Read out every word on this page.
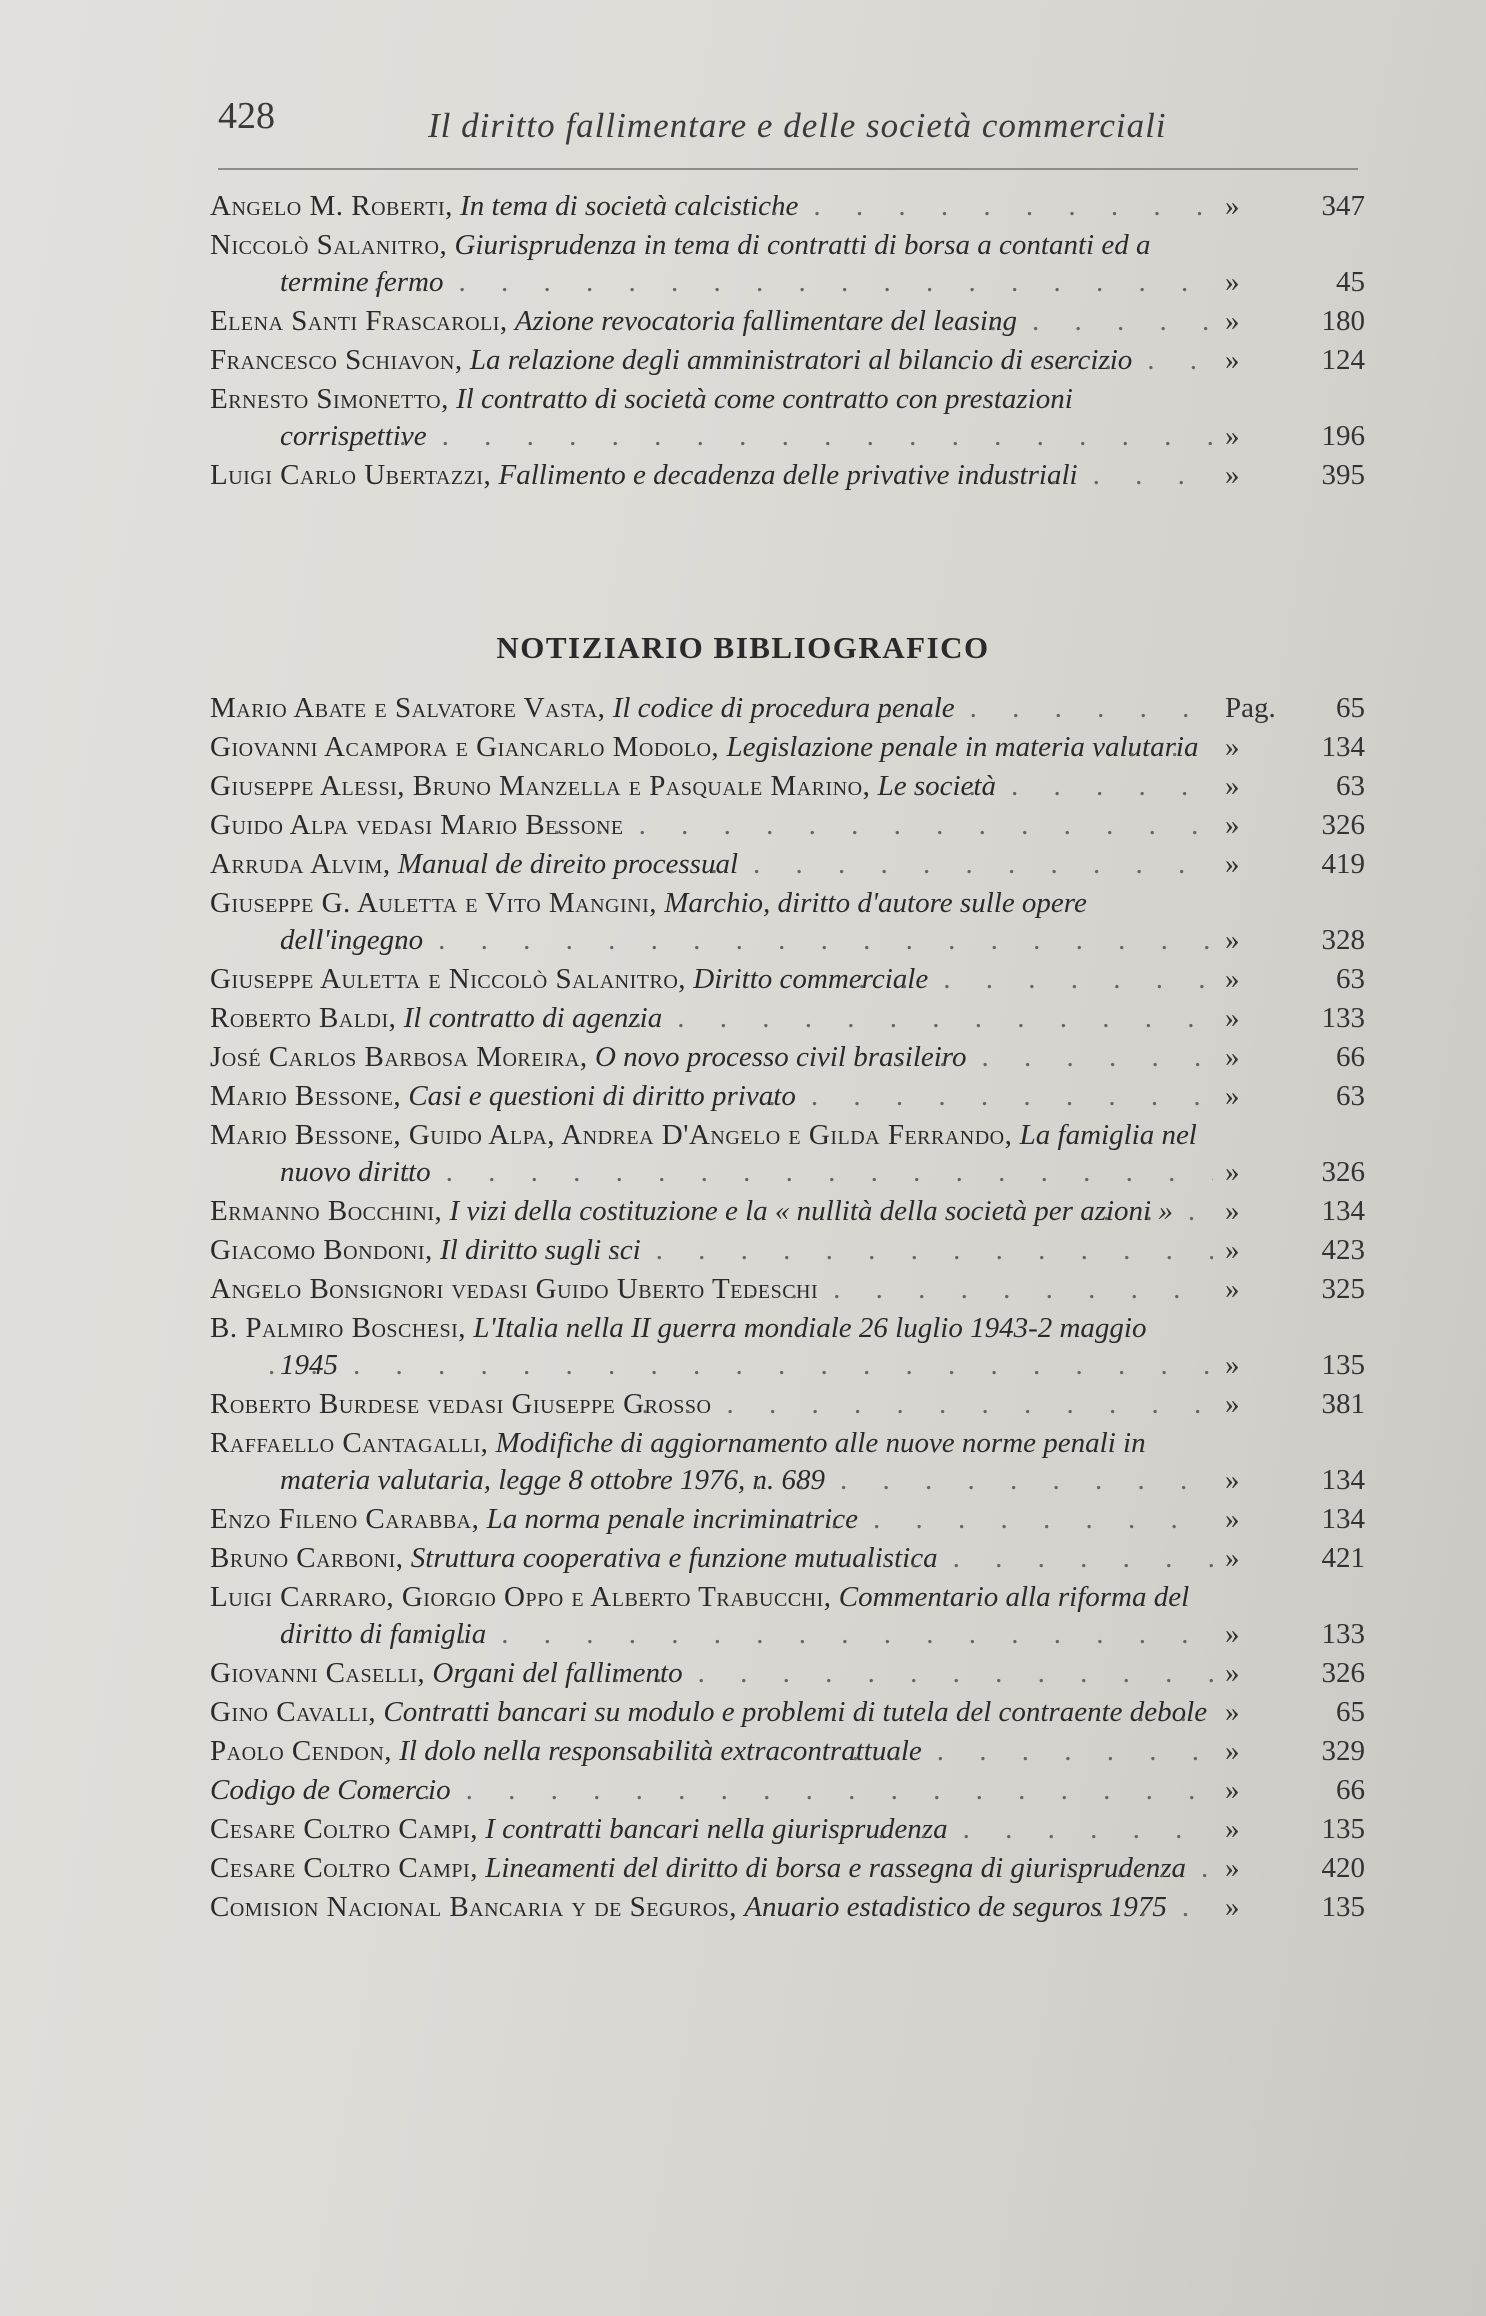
428	Il diritto fallimentare e delle società commerciali
Angelo M. Roberti, In tema di società calcistiche . . .	»	347
Niccolò Salanitro, Giurisprudenza in tema di contratti di borsa a contanti ed a termine fermo . . .	»	45
Elena Santi Frascaroli, Azione revocatoria fallimentare del leasing . . .	»	180
Francesco Schiavon, La relazione degli amministratori al bilancio di esercizio . . .	»	124
Ernesto Simonetto, Il contratto di società come contratto con prestazioni corrispettive . . .	»	196
Luigi Carlo Ubertazzi, Fallimento e decadenza delle privative industriali . . .	»	395
NOTIZIARIO BIBLIOGRAFICO
Mario Abate e Salvatore Vasta, Il codice di procedura penale . . .	Pag.	65
Giovanni Acampora e Giancarlo Modolo, Legislazione penale in materia valutaria . . . »	134
Giuseppe Alessi, Bruno Manzella e Pasquale Marino, Le società . . .	»	63
Guido Alpa vedasi Mario Bessone . . .	»	326
Arruda Alvim, Manual de direito processual . . .	»	419
Giuseppe G. Auletta e Vito Mangini, Marchio, diritto d'autore sulle opere dell'ingegno . . .	»	328
Giuseppe Auletta e Niccolò Salanitro, Diritto commerciale . . .	»	63
Roberto Baldi, Il contratto di agenzia . . .	»	133
José Carlos Barbosa Moreira, O novo processo civil brasileiro . . .	»	66
Mario Bessone, Casi e questioni di diritto privato . . .	»	63
Mario Bessone, Guido Alpa, Andrea D'Angelo e Gilda Ferrando, La famiglia nel nuovo diritto . . .	»	326
Ermanno Bocchini, I vizi della costituzione e la « nullità della società per azioni » . . .	»	134
Giacomo Bondoni, Il diritto sugli sci . . .	»	423
Angelo Bonsignori vedasi Guido Uberto Tedeschi . . .	»	325
B. Palmiro Boschesi, L'Italia nella II guerra mondiale 26 luglio 1943-2 maggio 1945 . . .	»	135
Roberto Burdese vedasi Giuseppe Grosso . . .	»	381
Raffaello Cantagalli, Modifiche di aggiornamento alle nuove norme penali in materia valutaria, legge 8 ottobre 1976, n. 689 . . .	»	134
Enzo Fileno Carabba, La norma penale incriminatrice . . .	»	134
Bruno Carboni, Struttura cooperativa e funzione mutualistica . . .	»	421
Luigi Carraro, Giorgio Oppo e Alberto Trabucchi, Commentario alla riforma del diritto di famiglia . . .	»	133
Giovanni Caselli, Organi del fallimento . . .	»	326
Gino Cavalli, Contratti bancari su modulo e problemi di tutela del contraente debole . . . »	65
Paolo Cendon, Il dolo nella responsabilità extracontrattuale . . .	»	329
Codigo de Comercio . . .	»	66
Cesare Coltro Campi, I contratti bancari nella giurisprudenza . . .	»	135
Cesare Coltro Campi, Lineamenti del diritto di borsa e rassegna di giurisprudenza . . .	»	420
Comision Nacional Bancaria y de Seguros, Anuario estadistico de seguros 1975 . . .	»	135
